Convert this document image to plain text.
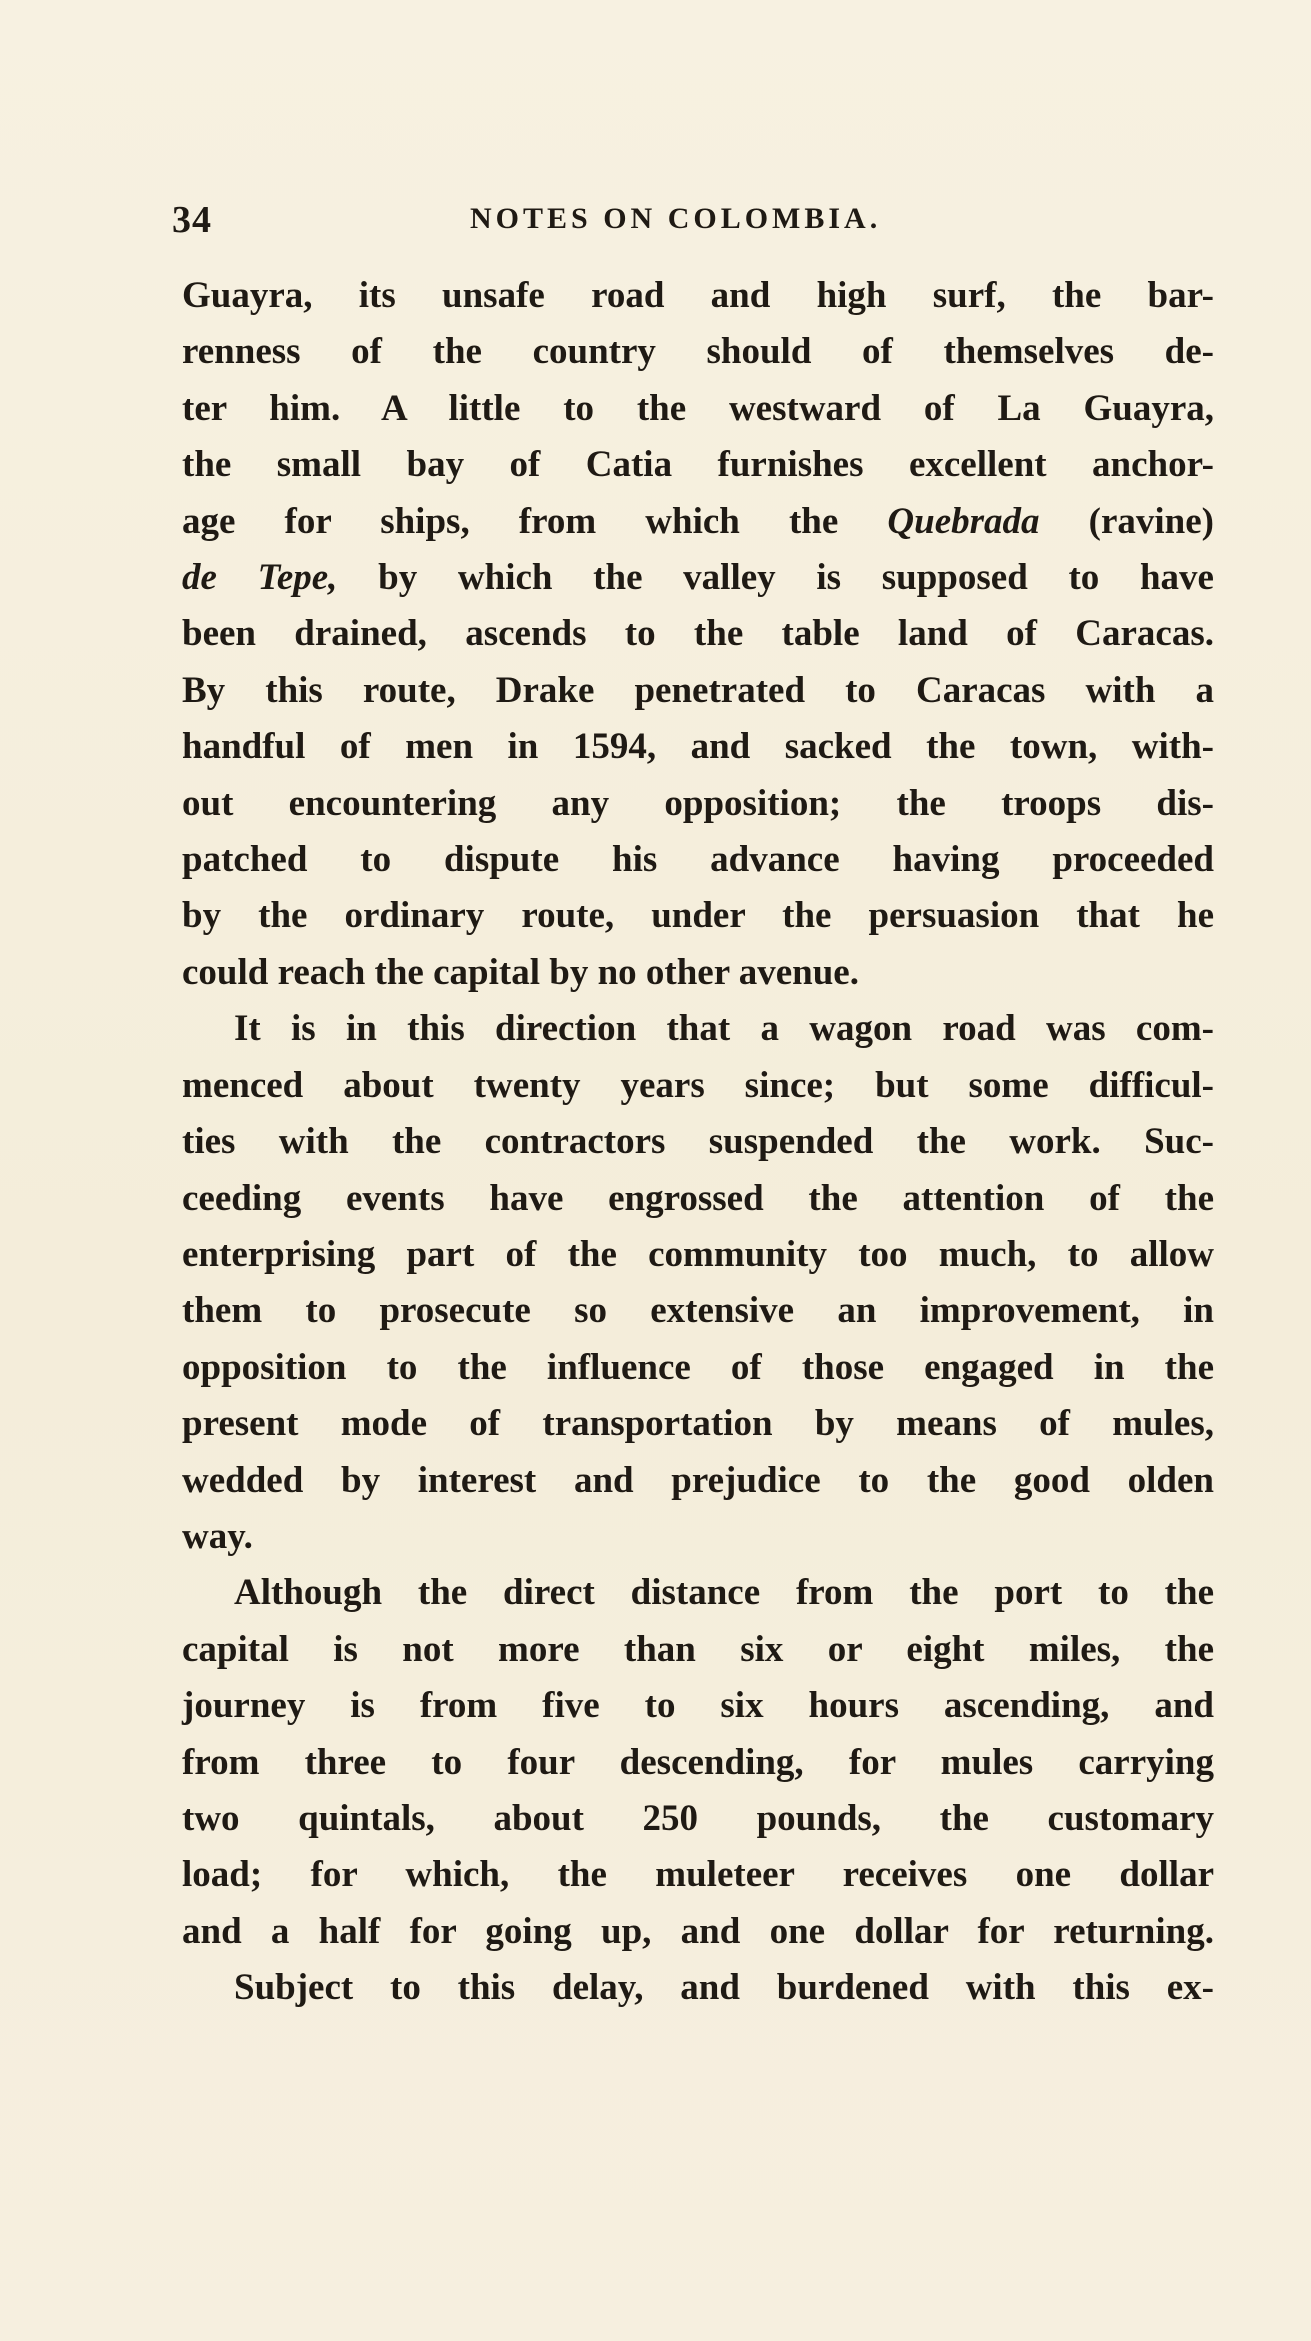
34	NOTES ON COLOMBIA.
Guayra, its unsafe road and high surf, the bar-
renness of the country should of themselves de-
ter him. A little to the westward of La Guayra,
the small bay of Catia furnishes excellent anchor-
age for ships, from which the Quebrada (ravine)
de Tepe, by which the valley is supposed to have
been drained, ascends to the table land of Caracas.
By this route, Drake penetrated to Caracas with a
handful of men in 1594, and sacked the town, with-
out encountering any opposition; the troops dis-
patched to dispute his advance having proceeded
by the ordinary route, under the persuasion that he
could reach the capital by no other avenue.
It is in this direction that a wagon road was com-
menced about twenty years since; but some difficul-
ties with the contractors suspended the work. Suc-
ceeding events have engrossed the attention of the
enterprising part of the community too much, to allow
them to prosecute so extensive an improvement, in
opposition to the influence of those engaged in the
present mode of transportation by means of mules,
wedded by interest and prejudice to the good olden
way.
Although the direct distance from the port to the
capital is not more than six or eight miles, the
journey is from five to six hours ascending, and
from three to four descending, for mules carrying
two quintals, about 250 pounds, the customary
load; for which, the muleteer receives one dollar
and a half for going up, and one dollar for returning.
Subject to this delay, and burdened with this ex-
